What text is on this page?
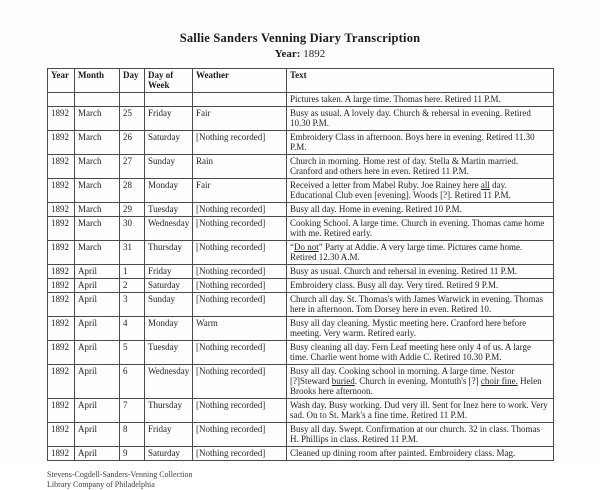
Sallie Sanders Venning Diary Transcription
Year: 1892
Year	Month	Day	Day of Week	Weather	Text
					Pictures taken. A large time. Thomas here. Retired 11 P.M.
1892	March	25	Friday	Fair	Busy as usual. A lovely day. Church & rehersal in evening. Retired 10.30 P.M.
1892	March	26	Saturday	[Nothing recorded]	Embroidery Class in afternoon. Boys here in evening. Retired 11.30 P.M.
1892	March	27	Sunday	Rain	Church in morning. Home rest of day. Stella & Martin married. Cranford and others here in even. Retired 11 P.M.
1892	March	28	Monday	Fair	Received a letter from Mabel Ruby. Joe Rainey here all day. Educational Club even [evening]. Woods [?]. Retired 11 P.M.
1892	March	29	Tuesday	[Nothing recorded]	Busy all day. Home in evening. Retired 10 P.M.
1892	March	30	Wednesday	[Nothing recorded]	Cooking School. A large time. Church in evening. Thomas came home with me. Retired early.
1892	March	31	Thursday	[Nothing recorded]	“Do not” Party at Addie. A very large time. Pictures came home. Retired 12.30 A.M.
1892	April	1	Friday	[Nothing recorded]	Busy as usual. Church and rehersal in evening. Retired 11 P.M.
1892	April	2	Saturday	[Nothing recorded]	Embroidery class. Busy all day. Very tired. Retired 9 P.M.
1892	April	3	Sunday	[Nothing recorded]	Church all day. St. Thomas's with James Warwick in evening. Thomas here in afternoon. Tom Dorsey here in even. Retired 10.
1892	April	4	Monday	Warm	Busy all day cleaning. Mystic meeting here. Cranford here before meeting. Very warm. Retired early.
1892	April	5	Tuesday	[Nothing recorded]	Busy cleaning all day. Fern Leaf meeting here only 4 of us. A large time. Charlie went home with Addie C. Retired 10.30 P.M.
1892	April	6	Wednesday	[Nothing recorded]	Busy all day. Cooking school in morning. A large time. Nestor [?]Steward buried. Church in evening. Montuth's [?] choir fine. Helen Brooks here afternoon.
1892	April	7	Thursday	[Nothing recorded]	Wash day. Busy working. Dud very ill. Sent for Inez here to work. Very sad. On to St. Mark's a fine time. Retired 11 P.M.
1892	April	8	Friday	[Nothing recorded]	Busy all day. Swept. Confirmation at our church. 32 in class. Thomas H. Phillips in class. Retired 11 P.M.
1892	April	9	Saturday	[Nothing recorded]	Cleaned up dining room after painted. Embroidery class. Mag.
Stevens-Cogdell-Sanders-Venning Collection
Library Company of Philadelphia
